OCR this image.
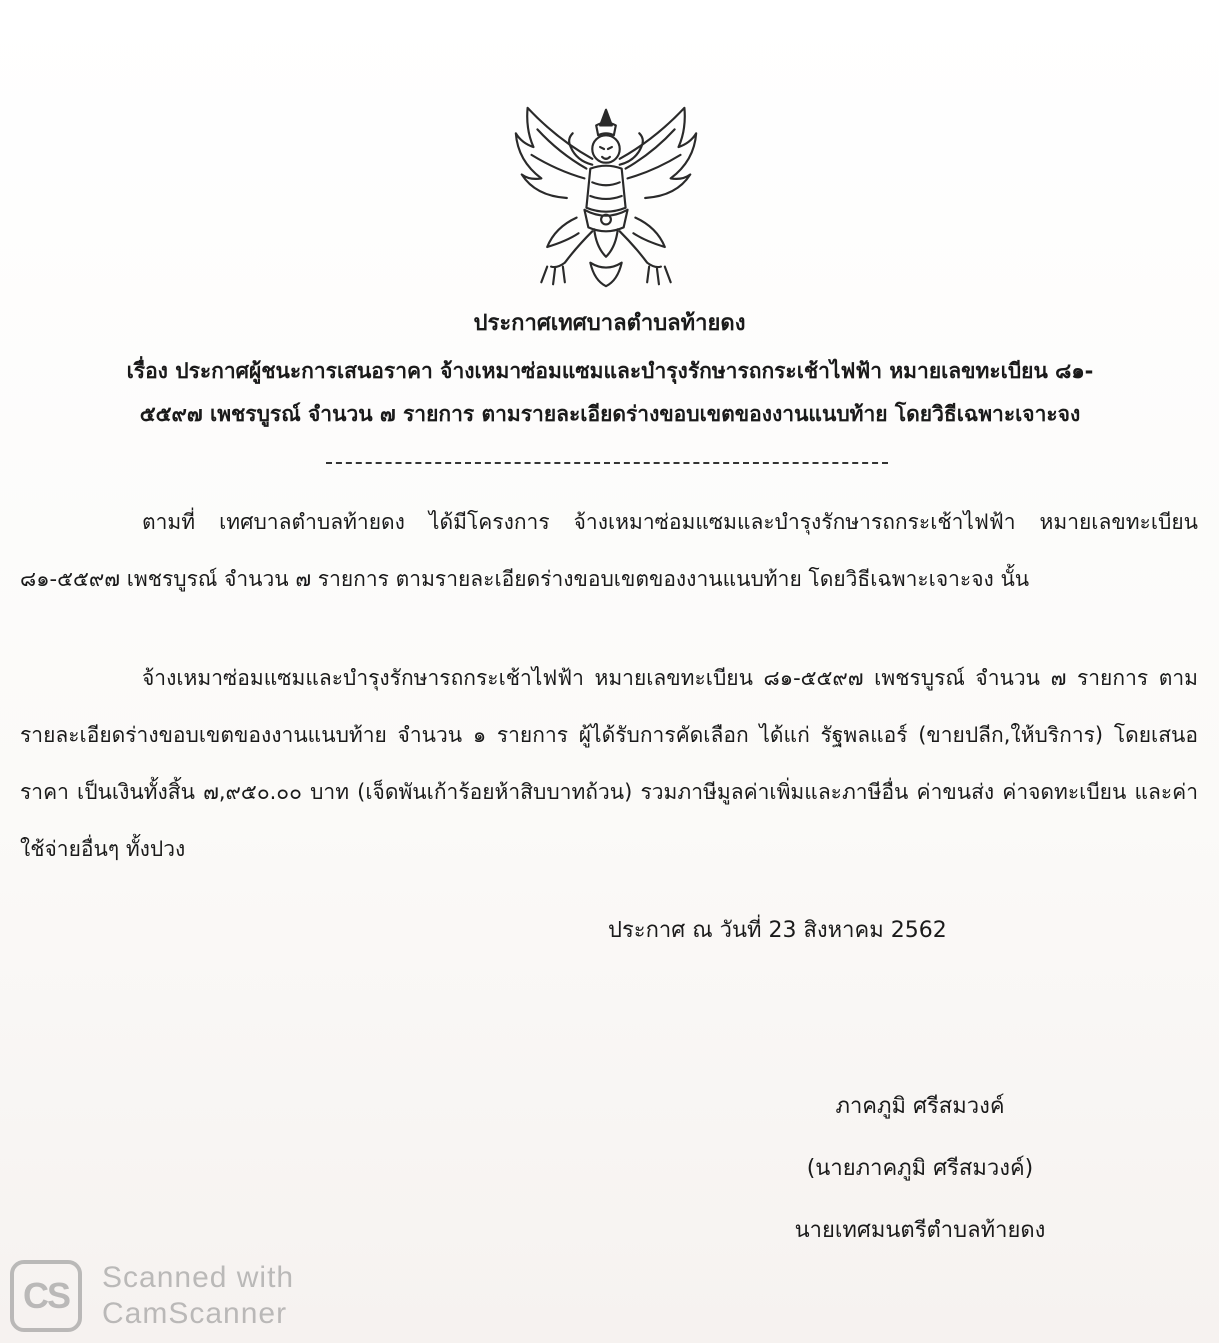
ประกาศเทศบาลตำบลท้ายดง
เรื่อง ประกาศผู้ชนะการเสนอราคา จ้างเหมาซ่อมแซมและบำรุงรักษารถกระเช้าไฟฟ้า หมายเลขทะเบียน ๘๑-
๕๕๙๗ เพชรบูรณ์ จำนวน ๗ รายการ ตามรายละเอียดร่างขอบเขตของงานแนบท้าย โดยวิธีเฉพาะเจาะจง
ตามที่ เทศบาลตำบลท้ายดง ได้มีโครงการ จ้างเหมาซ่อมแซมและบำรุงรักษารถกระเช้าไฟฟ้า หมายเลขทะเบียน ๘๑-๕๕๙๗ เพชรบูรณ์ จำนวน ๗ รายการ ตามรายละเอียดร่างขอบเขตของงานแนบท้าย โดยวิธีเฉพาะเจาะจง นั้น
จ้างเหมาซ่อมแซมและบำรุงรักษารถกระเช้าไฟฟ้า หมายเลขทะเบียน ๘๑-๕๕๙๗ เพชรบูรณ์ จำนวน ๗ รายการ ตามรายละเอียดร่างขอบเขตของงานแนบท้าย จำนวน ๑ รายการ ผู้ได้รับการคัดเลือก ได้แก่ รัฐพลแอร์ (ขายปลีก,ให้บริการ) โดยเสนอราคา เป็นเงินทั้งสิ้น ๗,๙๕๐.๐๐ บาท (เจ็ดพันเก้าร้อยห้าสิบบาทถ้วน) รวมภาษีมูลค่าเพิ่มและภาษีอื่น ค่าขนส่ง ค่าจดทะเบียน และค่าใช้จ่ายอื่นๆ ทั้งปวง
ประกาศ ณ วันที่ 23 สิงหาคม 2562
ภาคภูมิ ศรีสมวงค์
(นายภาคภูมิ ศรีสมวงค์)
นายเทศมนตรีตำบลท้ายดง
CS	Scanned with
CamScanner
